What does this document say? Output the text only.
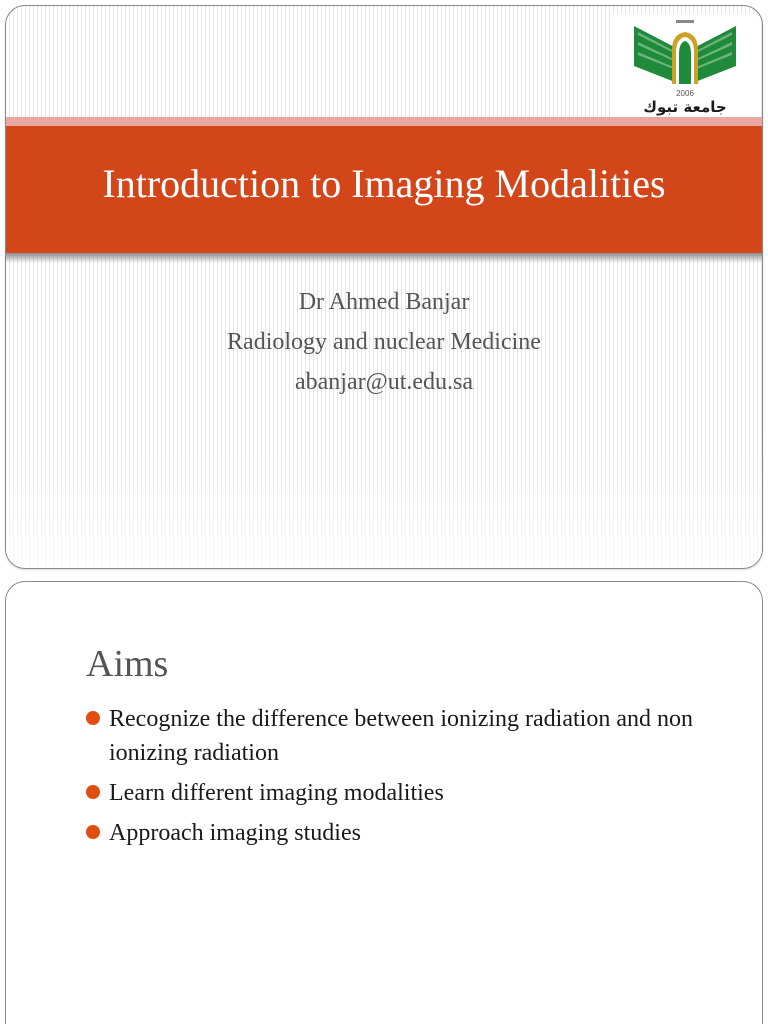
2006
جامعة تبوك
Introduction to Imaging Modalities
Dr Ahmed Banjar
Radiology and nuclear Medicine
abanjar@ut.edu.sa
Aims
Recognize the difference between ionizing radiation and non ionizing radiation
Learn different imaging modalities
Approach imaging studies
